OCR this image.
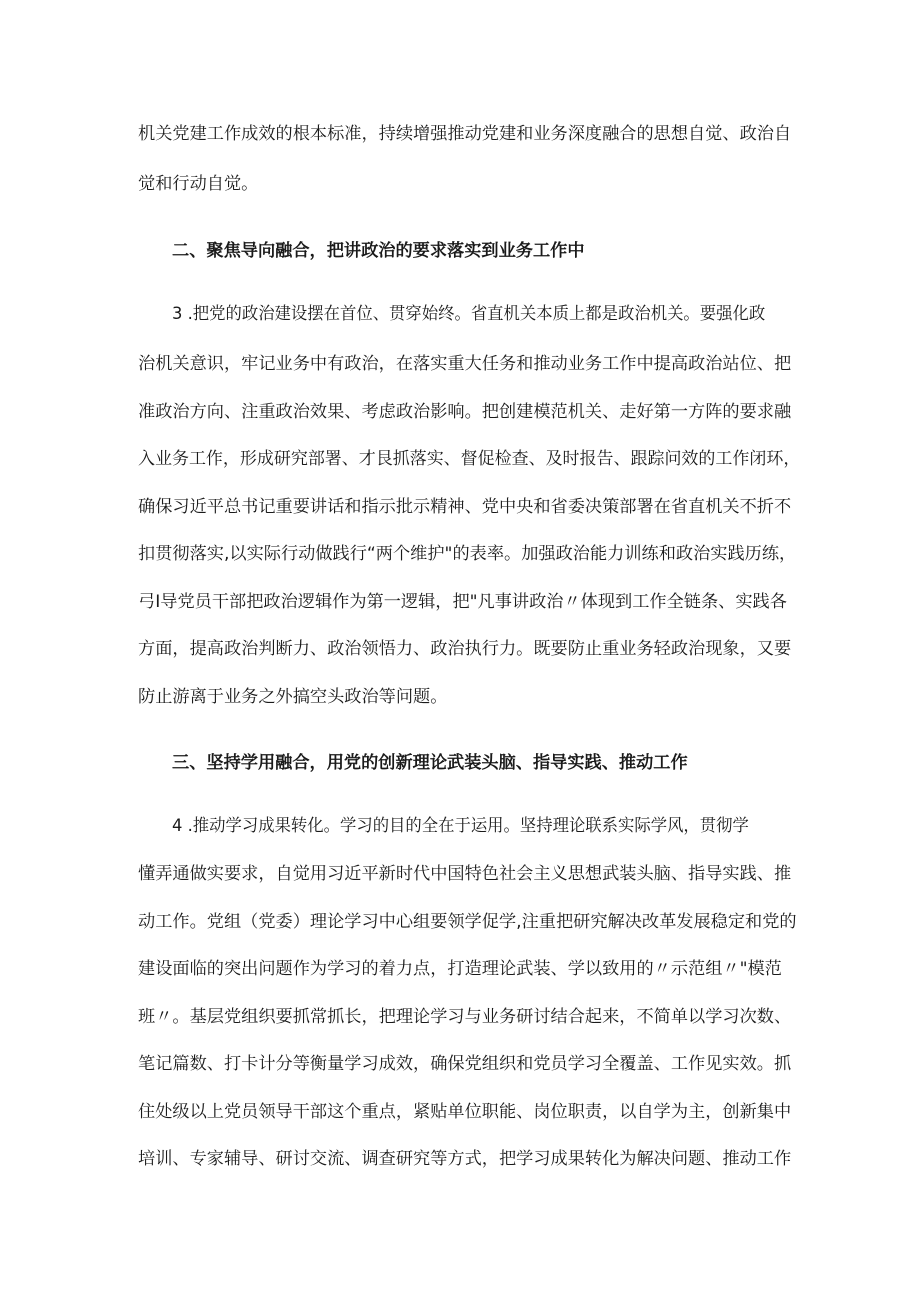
机关党建工作成效的根本标准，持续增强推动党建和业务深度融合的思想自觉、政治自
觉和行动自觉。
二、聚焦导向融合，把讲政治的要求落实到业务工作中
3 .把党的政治建设摆在首位、贯穿始终。省直机关本质上都是政治机关。要强化政
治机关意识，牢记业务中有政治，在落实重大任务和推动业务工作中提高政治站位、把
准政治方向、注重政治效果、考虑政治影响。把创建模范机关、走好第一方阵的要求融
入业务工作，形成研究部署、才艮抓落实、督促检查、及时报告、跟踪问效的工作闭环，
确保习近平总书记重要讲话和指示批示精神、党中央和省委决策部署在省直机关不折不
扣贯彻落实,以实际行动做践行“两个维护"的表率。加强政治能力训练和政治实践历练，
弓I导党员干部把政治逻辑作为第一逻辑，把"凡事讲政治〃体现到工作全链条、实践各
方面，提高政治判断力、政治领悟力、政治执行力。既要防止重业务轻政治现象，又要
防止游离于业务之外搞空头政治等问题。
三、坚持学用融合，用党的创新理论武装头脑、指导实践、推动工作
4 .推动学习成果转化。学习的目的全在于运用。坚持理论联系实际学风，贯彻学
懂弄通做实要求，自觉用习近平新时代中国特色社会主义思想武装头脑、指导实践、推
动工作。党组（党委）理论学习中心组要领学促学,注重把研究解决改革发展稳定和党的
建设面临的突出问题作为学习的着力点，打造理论武装、学以致用的〃示范组〃"模范
班〃。基层党组织要抓常抓长，把理论学习与业务研讨结合起来，不简单以学习次数、
笔记篇数、打卡计分等衡量学习成效，确保党组织和党员学习全覆盖、工作见实效。抓
住处级以上党员领导干部这个重点，紧贴单位职能、岗位职责，以自学为主，创新集中
培训、专家辅导、研讨交流、调查研究等方式，把学习成果转化为解决问题、推动工作
